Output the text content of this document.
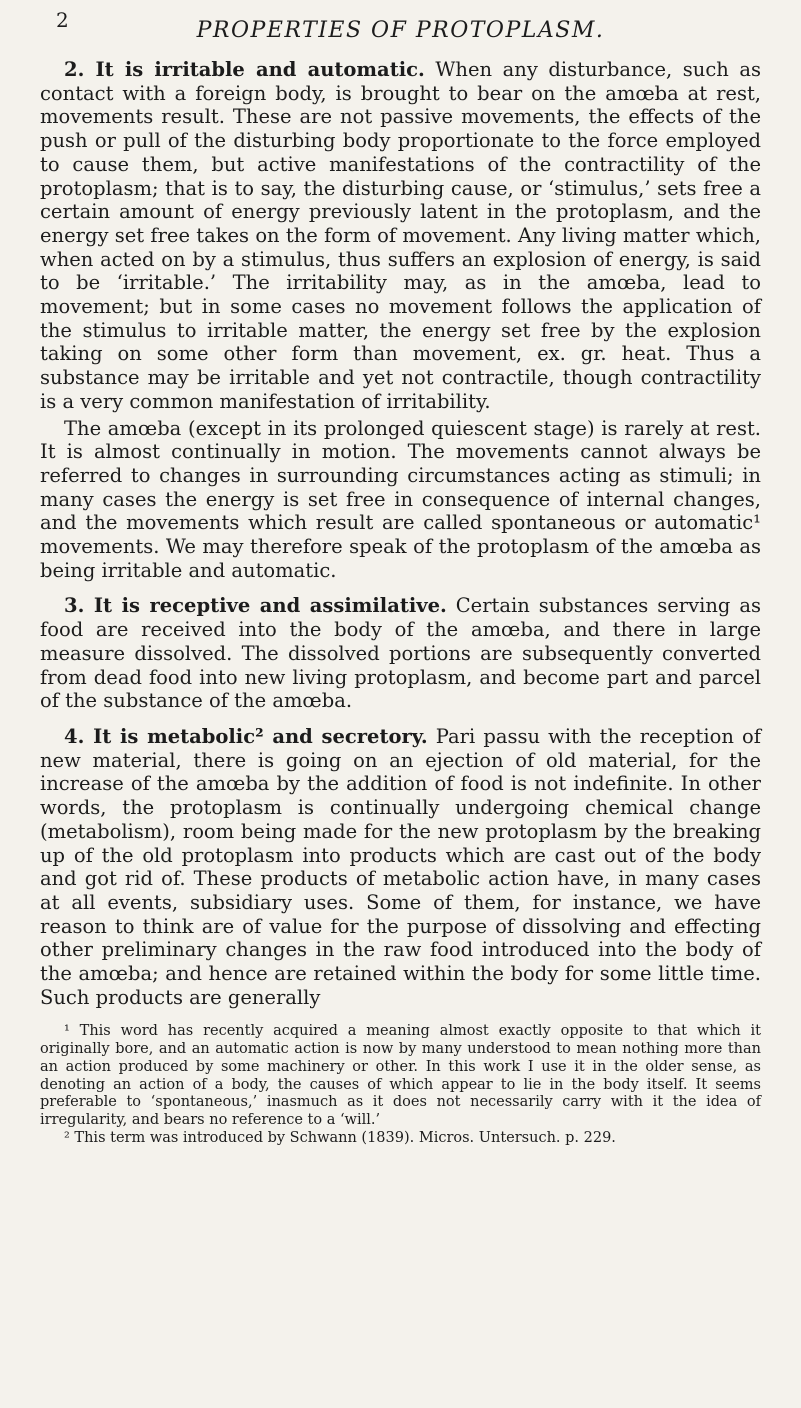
2	PROPERTIES OF PROTOPLASM.

2. It is irritable and automatic. When any disturbance, such as contact with a foreign body, is brought to bear on the amœba at rest, movements result. These are not passive movements, the effects of the push or pull of the disturbing body proportionate to the force employed to cause them, but active manifestations of the contractility of the protoplasm; that is to say, the disturbing cause, or ‘stimulus,’ sets free a certain amount of energy previously latent in the protoplasm, and the energy set free takes on the form of movement. Any living matter which, when acted on by a stimulus, thus suffers an explosion of energy, is said to be ‘irritable.’ The irritability may, as in the amœba, lead to movement; but in some cases no movement follows the application of the stimulus to irritable matter, the energy set free by the explosion taking on some other form than movement, ex. gr. heat. Thus a substance may be irritable and yet not contractile, though contractility is a very common manifestation of irritability.

The amœba (except in its prolonged quiescent stage) is rarely at rest. It is almost continually in motion. The movements cannot always be referred to changes in surrounding circumstances acting as stimuli; in many cases the energy is set free in consequence of internal changes, and the movements which result are called spontaneous or automatic¹ movements. We may therefore speak of the protoplasm of the amœba as being irritable and automatic.

3. It is receptive and assimilative. Certain substances serving as food are received into the body of the amœba, and there in large measure dissolved. The dissolved portions are subsequently converted from dead food into new living protoplasm, and become part and parcel of the substance of the amœba.

4. It is metabolic² and secretory. Pari passu with the reception of new material, there is going on an ejection of old material, for the increase of the amœba by the addition of food is not indefinite. In other words, the protoplasm is continually undergoing chemical change (metabolism), room being made for the new protoplasm by the breaking up of the old protoplasm into products which are cast out of the body and got rid of. These products of metabolic action have, in many cases at all events, subsidiary uses. Some of them, for instance, we have reason to think are of value for the purpose of dissolving and effecting other preliminary changes in the raw food introduced into the body of the amœba; and hence are retained within the body for some little time. Such products are generally

¹ This word has recently acquired a meaning almost exactly opposite to that which it originally bore, and an automatic action is now by many understood to mean nothing more than an action produced by some machinery or other. In this work I use it in the older sense, as denoting an action of a body, the causes of which appear to lie in the body itself. It seems preferable to ‘spontaneous,’ inasmuch as it does not necessarily carry with it the idea of irregularity, and bears no reference to a ‘will.’

² This term was introduced by Schwann (1839). Micros. Untersuch. p. 229.
